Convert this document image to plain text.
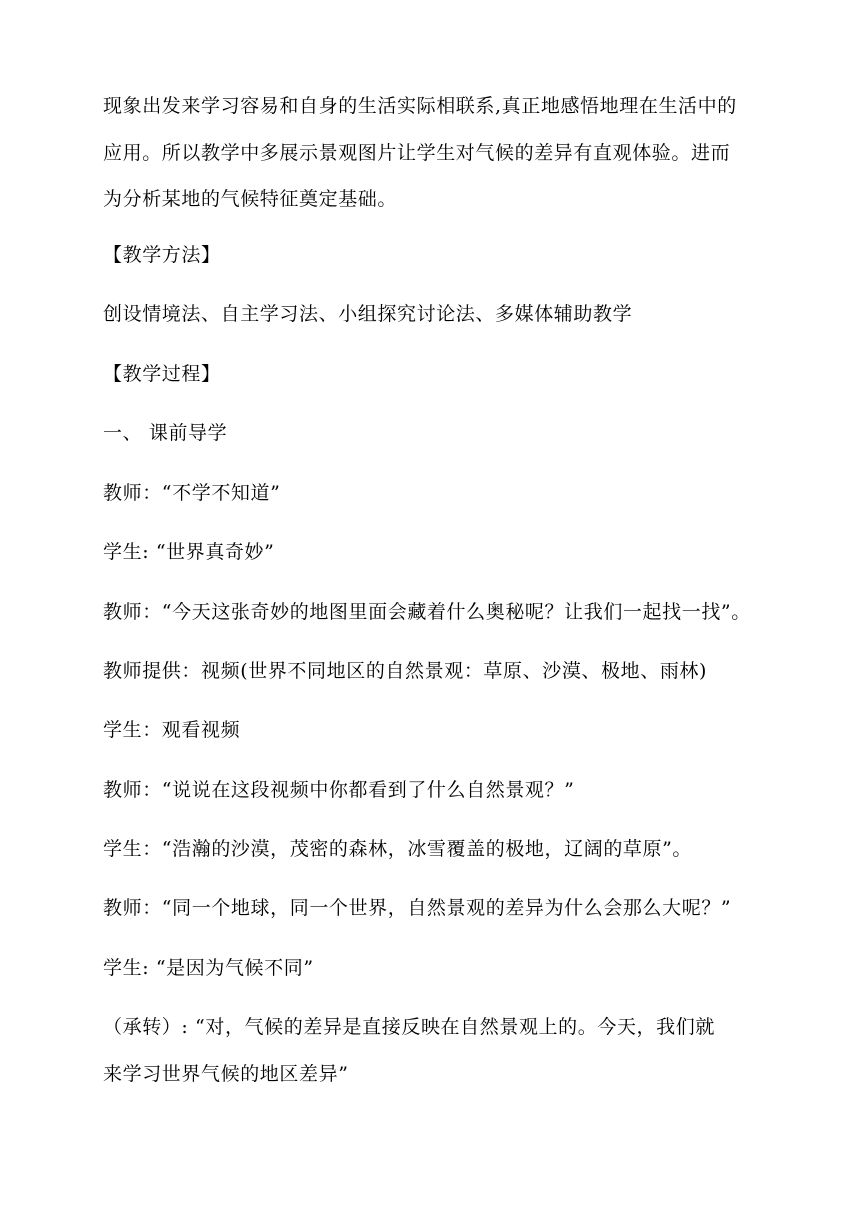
现象出发来学习容易和自身的生活实际相联系,真正地感悟地理在生活中的
应用。所以教学中多展示景观图片让学生对气候的差异有直观体验。进而
为分析某地的气候特征奠定基础。
【教学方法】
创设情境法、自主学习法、小组探究讨论法、多媒体辅助教学
【教学过程】
一、 课前导学
教师：“不学不知道”
学生: “世界真奇妙”
教师：“今天这张奇妙的地图里面会藏着什么奥秘呢？让我们一起找一找”。
教师提供：视频(世界不同地区的自然景观：草原、沙漠、极地、雨林)
学生：观看视频
教师：“说说在这段视频中你都看到了什么自然景观？”
学生：“浩瀚的沙漠，茂密的森林，冰雪覆盖的极地，辽阔的草原”。
教师：“同一个地球，同一个世界，自然景观的差异为什么会那么大呢？”
学生: “是因为气候不同”
（承转）: “对，气候的差异是直接反映在自然景观上的。今天，我们就
来学习世界气候的地区差异”
